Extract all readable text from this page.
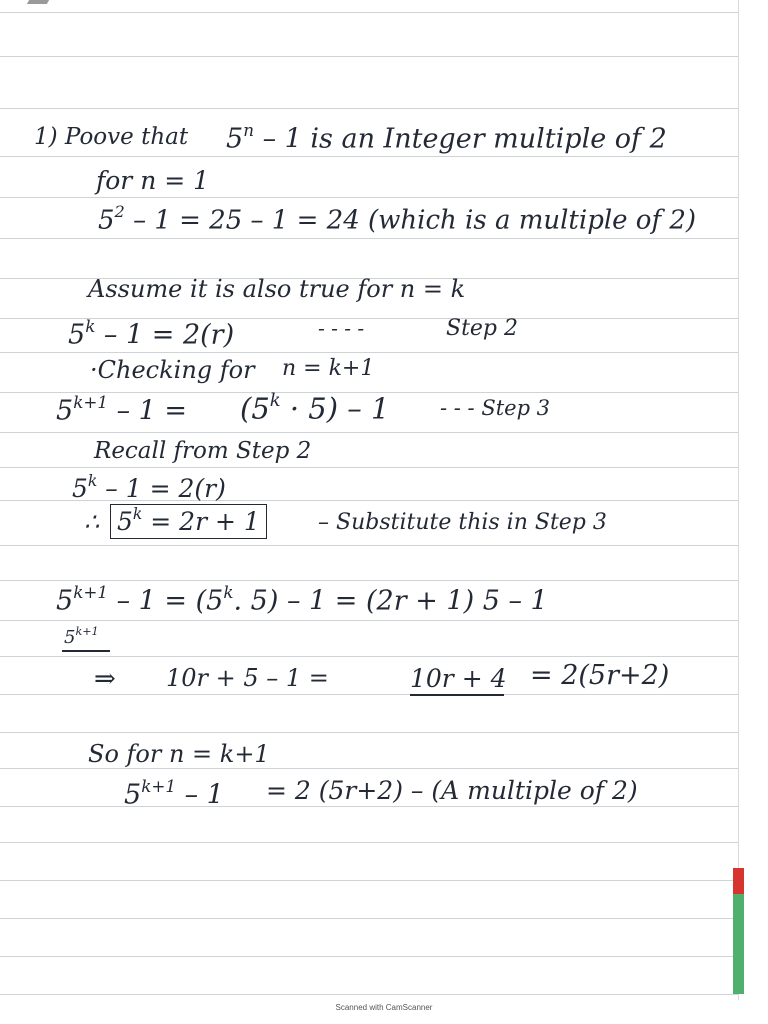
1) Poove that 5$^n$ – 1 is an Integer multiple of 2
for n = 1
$5^2 - 1 = 25 - 1 = 24$ (which is a multiple of 2)
Assume it is also true for n = k
5$^k$ – 1 = 2(r)	- - - -	Step 2
·Checking for n = k+1
$5^{k+1} - 1 = (5^k \cdot 5) - 1$ - - - Step 3
Recall from Step 2
5$^k$ – 1 = 2(r)
∴ $5^k = 2r + 1$	– Substitute this in Step 3
$5^{k+1} - 1 = (5^k$. 5) – 1 = (2r + 1) 5 – 1
$5^{k+1}$
⇒ 10r + 5 – 1 =	10r + 4 = 2(5r+2)
So for n = k+1
$5^{k+1} - 1 = 2$ (5r+2) – (A multiple of 2)
Scanned with CamScanner
